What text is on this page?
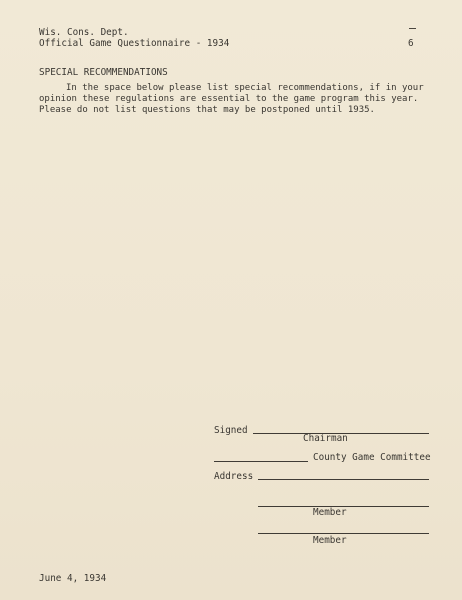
Wis. Cons. Dept.
Official Game Questionnaire - 1934	6
SPECIAL RECOMMENDATIONS
In the space below please list special recommendations, if in your
opinion these regulations are essential to the game program this year.
Please do not list questions that may be postponed until 1935.
Signed
Chairman
County Game Committee
Address
Member
Member
June 4, 1934
